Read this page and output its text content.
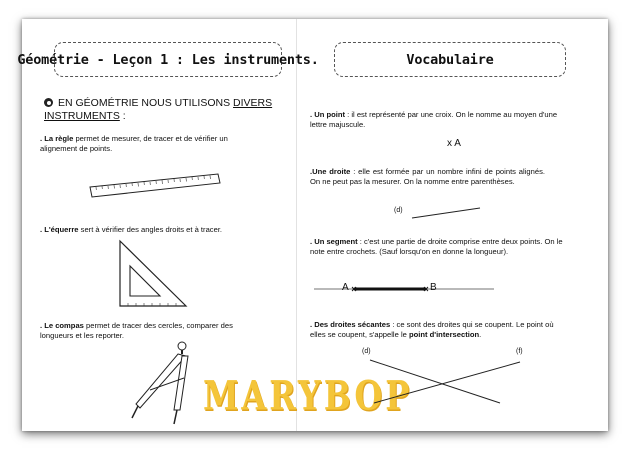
Géométrie - Leçon 1 : Les instruments.
EN GÉOMÉTRIE NOUS UTILISONS DIVERS INSTRUMENTS :
. La règle permet de mesurer, de tracer et de vérifier un alignement de points.
. L'équerre sert à vérifier des angles droits et à tracer.
. Le compas permet de tracer des cercles, comparer des longueurs et les reporter.
MARYBOP
Vocabulaire
. Un point : il est représenté par une croix. On le nomme au moyen d'une lettre majuscule.
x A
.Une droite : elle est formée par un nombre infini de points alignés. On ne peut pas la mesurer. On la nomme entre parenthèses.
(d)
. Un segment : c'est une partie de droite comprise entre deux points. On le note entre crochets. (Sauf lorsqu'on en donne la longueur).
A	B
. Des droites sécantes : ce sont des droites qui se coupent. Le point où elles se coupent, s'appelle le point d'intersection.
(d)	(f)
